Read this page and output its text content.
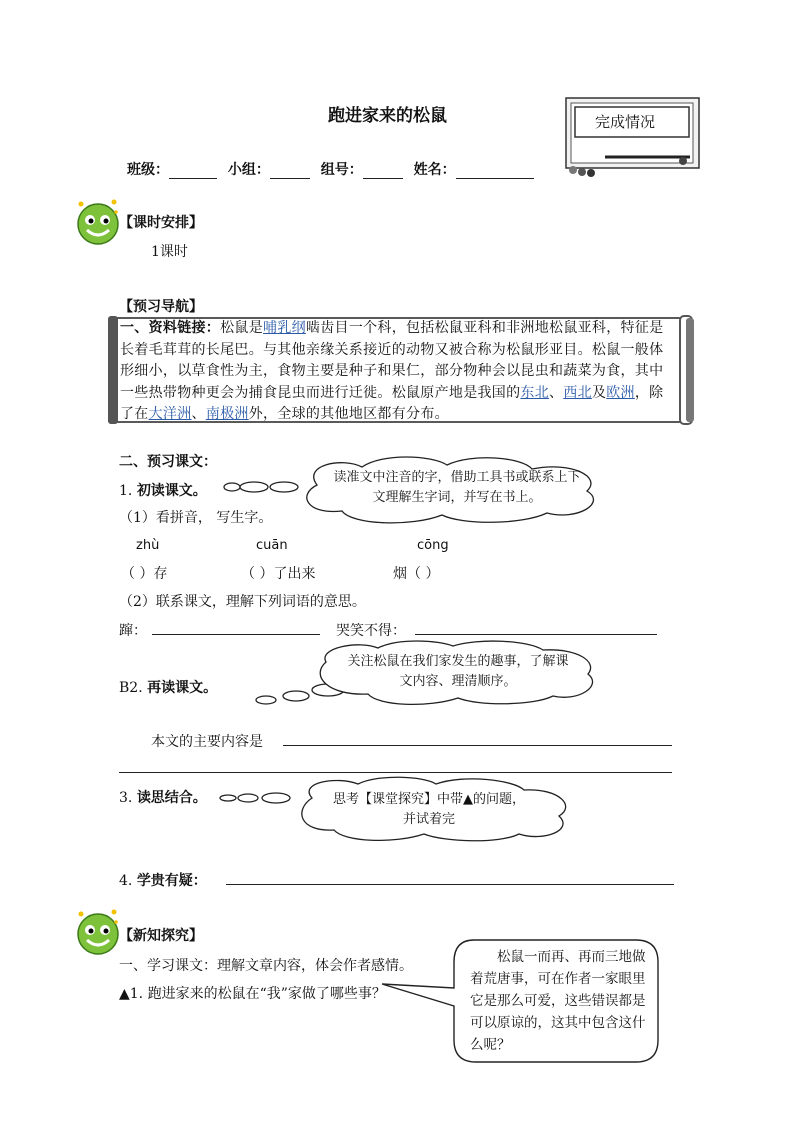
跑进家来的松鼠	完成情况
班级：	小组：	组号：	姓名：
【课时安排】
1课时
【预习导航】
一、资料链接：松鼠是哺乳纲啮齿目一个科，包括松鼠亚科和非洲地松鼠亚科，特征是长着毛茸茸的长尾巴。与其他亲缘关系接近的动物又被合称为松鼠形亚目。松鼠一般体形细小，以草食性为主，食物主要是种子和果仁，部分物种会以昆虫和蔬菜为食，其中一些热带物种更会为捕食昆虫而进行迁徙。松鼠原产地是我国的东北、西北及欧洲，除了在大洋洲、南极洲外，全球的其他地区都有分布。
二、预习课文：
1. 初读课文。
读准文中注音的字，借助工具书或联系上下文理解生字词，并写在书上。
（1）看拼音， 写生字。
zhù	cuān	cōng
（ ）存	（ ）了出来	烟（ ）
（2）联系课文，理解下列词语的意思。
蹿：	哭笑不得：
关注松鼠在我们家发生的趣事，了解课文内容、理清顺序。
B2. 再读课文。
本文的主要内容是
思考【课堂探究】中带▲的问题，并试着完
3. 读思结合。
4. 学贵有疑：
【新知探究】
一、学习课文：理解文章内容，体会作者感情。
▲1. 跑进家来的松鼠在“我”家做了哪些事？
松鼠一而再、再而三地做着荒唐事，可在作者一家眼里它是那么可爱，这些错误都是可以原谅的，这其中包含这什么呢？
